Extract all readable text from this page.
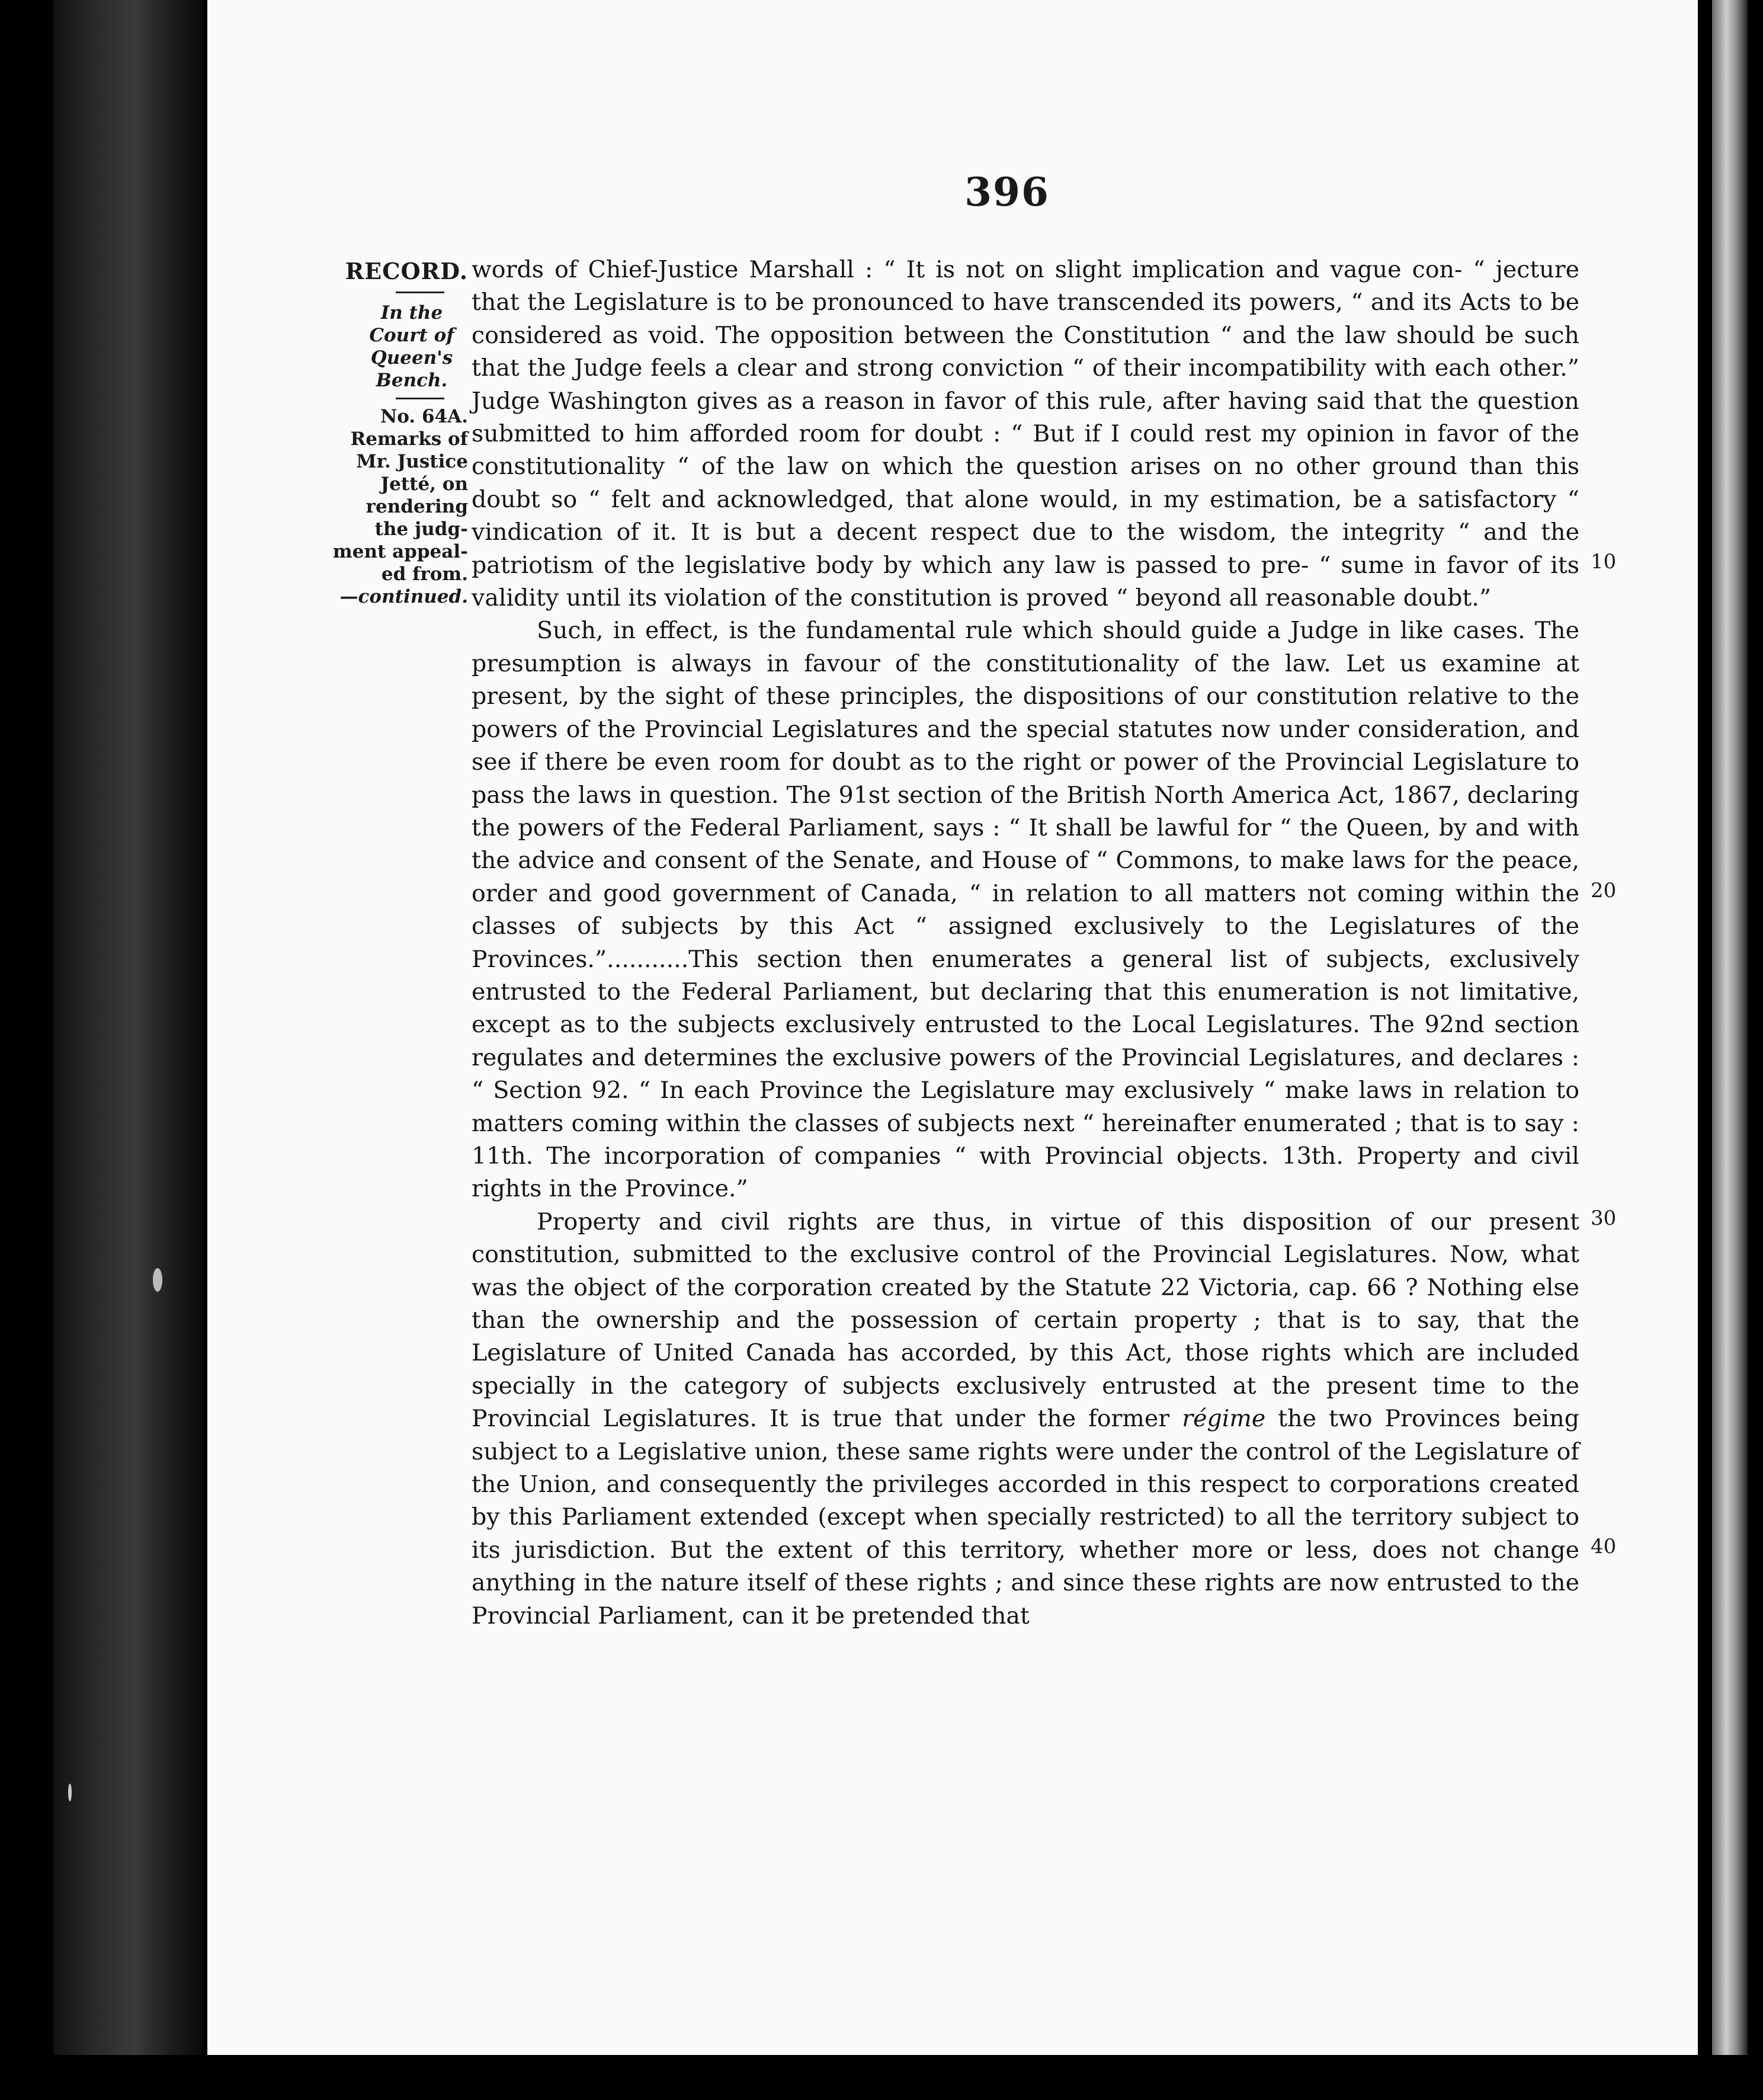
396
RECORD.
In the
Court of
Queen's
Bench.
No. 64A.
Remarks of
Mr. Justice
Jetté, on
rendering
the judg-
ment appeal-
ed from.
—continued.

words of Chief-Justice Marshall : “ It is not on slight implication and vague con- “ jecture that the Legislature is to be pronounced to have transcended its powers, “ and its Acts to be considered as void. The opposition between the Constitution “ and the law should be such that the Judge feels a clear and strong conviction “ of their incompatibility with each other.” Judge Washington gives as a reason in favor of this rule, after having said that the question submitted to him afforded room for doubt : “ But if I could rest my opinion in favor of the constitutionality “ of the law on which the question arises on no other ground than this doubt so “ felt and acknowledged, that alone would, in my estimation, be a satisfactory “ vindication of it. It is but a decent respect due to the wisdom, the integrity “ and the patriotism of the legislative body by which any law is passed to pre- “ sume in favor of its validity until its violation of the constitution is proved “ beyond all reasonable doubt.”

Such, in effect, is the fundamental rule which should guide a Judge in like cases. The presumption is always in favour of the constitutionality of the law. Let us examine at present, by the sight of these principles, the dispositions of our constitution relative to the powers of the Provincial Legislatures and the special statutes now under consideration, and see if there be even room for doubt as to the right or power of the Provincial Legislature to pass the laws in question. The 91st section of the British North America Act, 1867, declaring the powers of the Federal Parliament, says : “ It shall be lawful for “ the Queen, by and with the advice and consent of the Senate, and House of “ Commons, to make laws for the peace, order and good government of Canada, “ in relation to all matters not coming within the classes of subjects by this Act “ assigned exclusively to the Legislatures of the Provinces.”...........This section then enumerates a general list of subjects, exclusively entrusted to the Federal Parliament, but declaring that this enumeration is not limitative, except as to the subjects exclusively entrusted to the Local Legislatures. The 92nd section regulates and determines the exclusive powers of the Provincial Legislatures, and declares : “ Section 92. “ In each Province the Legislature may exclusively “ make laws in relation to matters coming within the classes of subjects next “ hereinafter enumerated ; that is to say : 11th. The incorporation of companies “ with Provincial objects. 13th. Property and civil rights in the Province.”

Property and civil rights are thus, in virtue of this disposition of our present constitution, submitted to the exclusive control of the Provincial Legislatures. Now, what was the object of the corporation created by the Statute 22 Victoria, cap. 66 ? Nothing else than the ownership and the possession of certain property ; that is to say, that the Legislature of United Canada has accorded, by this Act, those rights which are included specially in the category of subjects exclusively entrusted at the present time to the Provincial Legislatures. It is true that under the former régime the two Provinces being subject to a Legislative union, these same rights were under the control of the Legislature of the Union, and consequently the privileges accorded in this respect to corporations created by this Parliament extended (except when specially restricted) to all the territory subject to its jurisdiction. But the extent of this territory, whether more or less, does not change anything in the nature itself of these rights ; and since these rights are now entrusted to the Provincial Parliament, can it be pretended that

10
20
30
40
